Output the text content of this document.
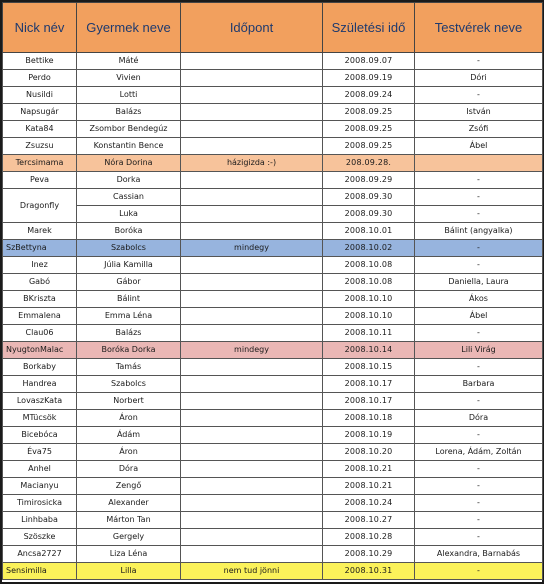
Nick név	Gyermek neve	Időpont	Születési idő	Testvérek neve
Bettike	Máté		2008.09.07	-
Perdo	Vivien		2008.09.19	Dóri
Nusildi	Lotti		2008.09.24	-
Napsugár	Balázs		2008.09.25	István
Kata84	Zsombor Bendegúz		2008.09.25	Zsófi
Zsuzsu	Konstantin Bence		2008.09.25	Ábel
Tercsimama	Nóra Dorina	házigizda :-)	208.09.28.	
Peva	Dorka		2008.09.29	-
Dragonfly	Cassian		2008.09.30	-
	Luka		2008.09.30	-
Marek	Boróka		2008.10.01	Bálint (angyalka)
SzBettyna	Szabolcs	mindegy	2008.10.02	-
Inez	Júlia Kamilla		2008.10.08	-
Gabó	Gábor		2008.10.08	Daniella, Laura
BKriszta	Bálint		2008.10.10	Ákos
Emmalena	Emma Léna		2008.10.10	Ábel
Clau06	Balázs		2008.10.11	-
NyugtonMalac	Boróka Dorka	mindegy	2008.10.14	Lili Virág
Borkaby	Tamás		2008.10.15	-
Handrea	Szabolcs		2008.10.17	Barbara
LovaszKata	Norbert		2008.10.17	-
MTücsök	Áron		2008.10.18	Dóra
Bicebóca	Ádám		2008.10.19	-
Éva75	Áron		2008.10.20	Lorena, Ádám, Zoltán
Anhel	Dóra		2008.10.21	-
Macianyu	Zengő		2008.10.21	-
Timirosicka	Alexander		2008.10.24	-
Linhbaba	Márton Tan		2008.10.27	-
Szöszke	Gergely		2008.10.28	-
Ancsa2727	Liza Léna		2008.10.29	Alexandra, Barnabás
Sensimilla	Lilla	nem tud jönni	2008.10.31	-
